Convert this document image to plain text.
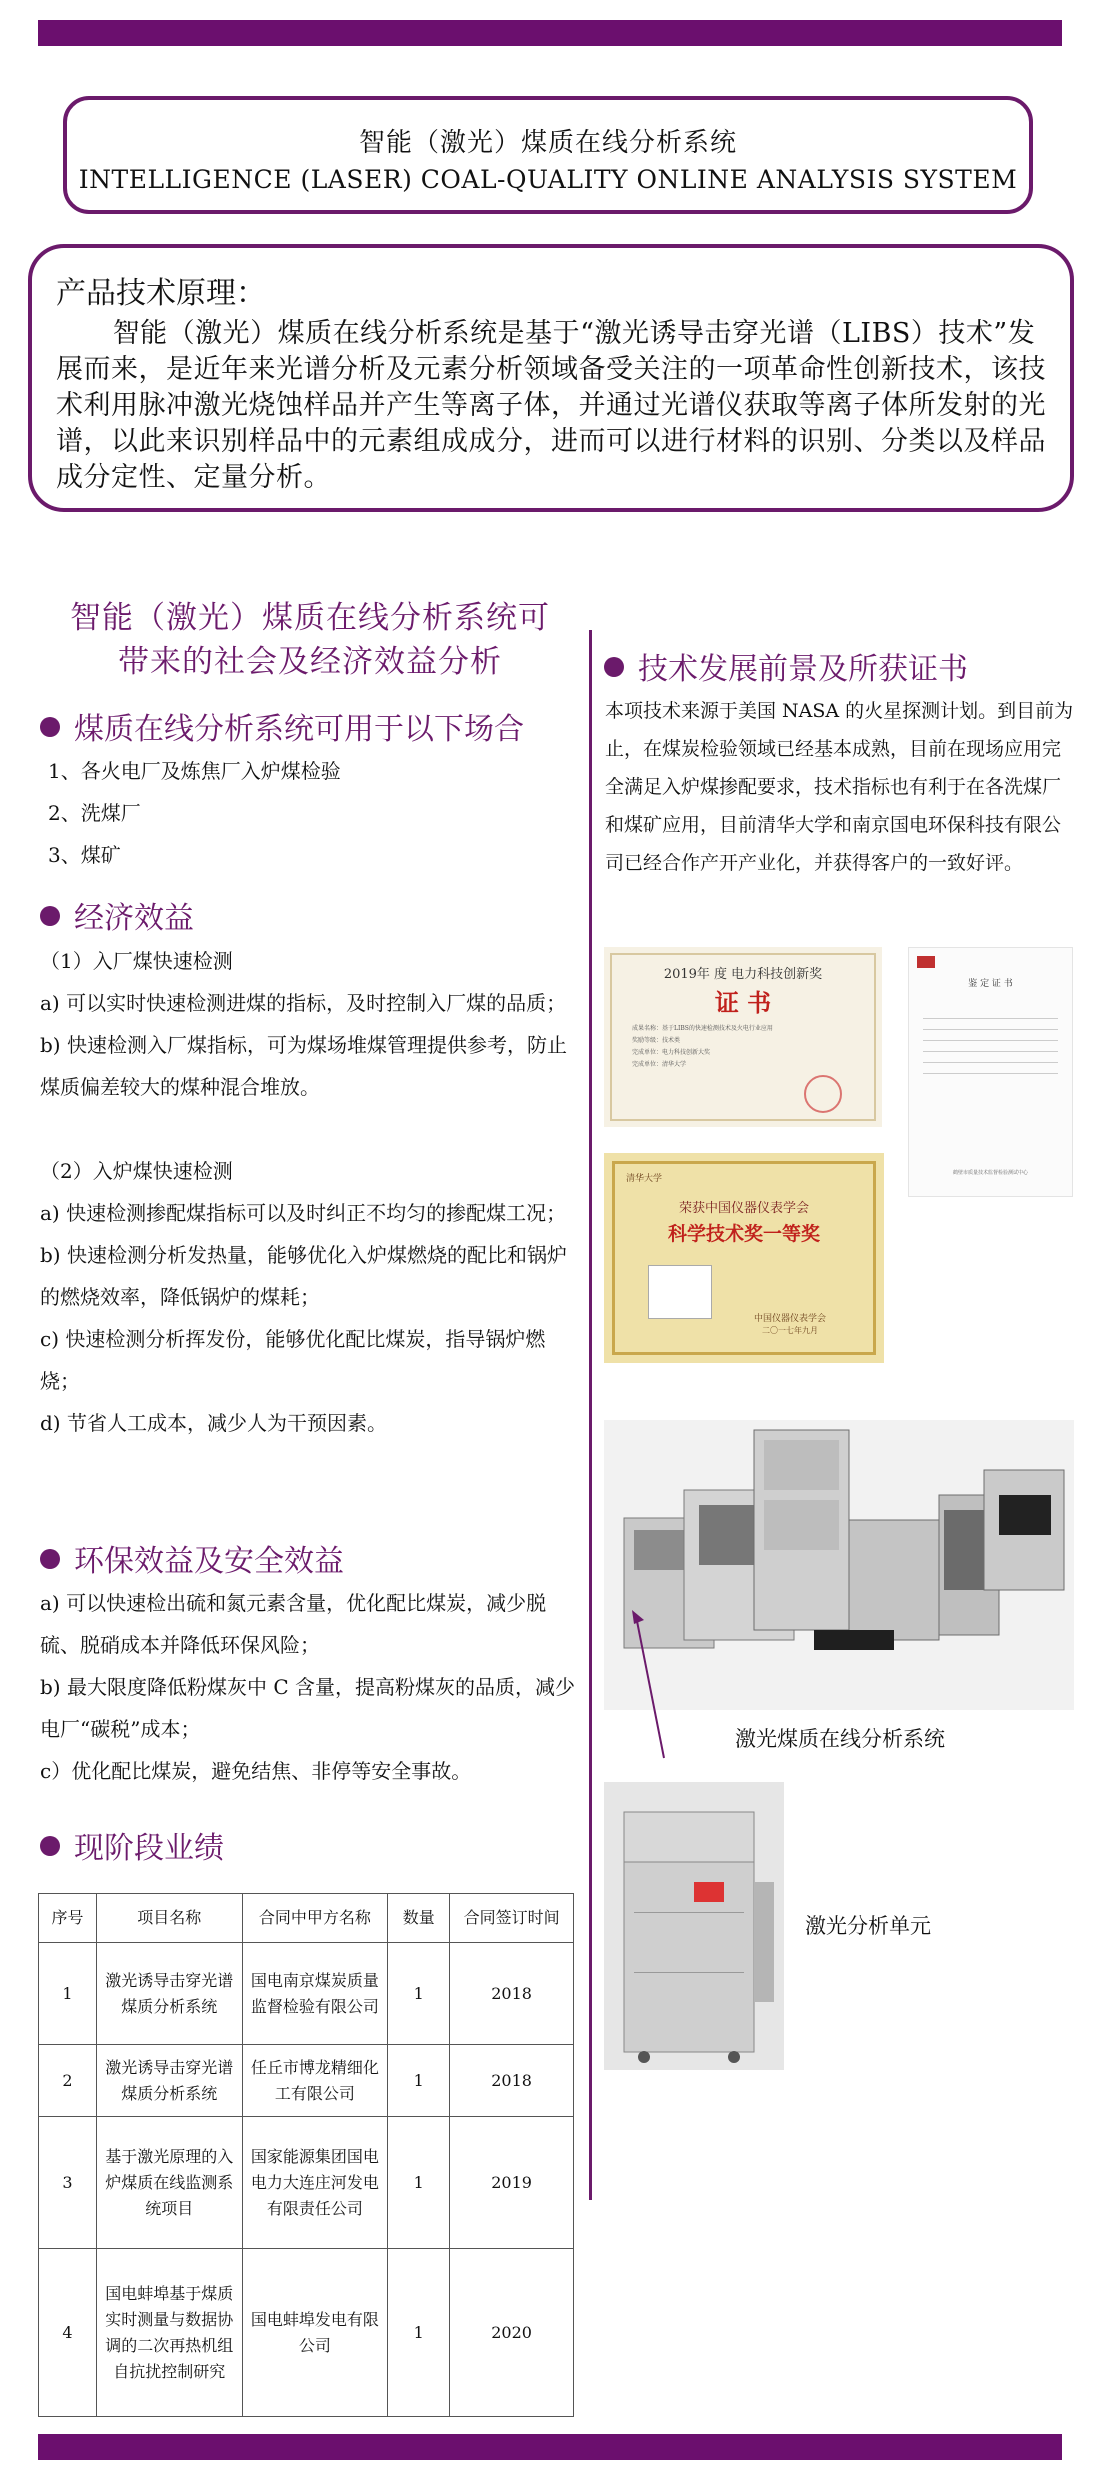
智能（激光）煤质在线分析系统
INTELLIGENCE (LASER) COAL-QUALITY ONLINE ANALYSIS SYSTEM
产品技术原理：

智能（激光）煤质在线分析系统是基于“激光诱导击穿光谱（LIBS）技术”发展而来，是近年来光谱分析及元素分析领域备受关注的一项革命性创新技术，该技术利用脉冲激光烧蚀样品并产生等离子体，并通过光谱仪获取等离子体所发射的光谱，以此来识别样品中的元素组成成分，进而可以进行材料的识别、分类以及样品成分定性、定量分析。

智能（激光）煤质在线分析系统可
带来的社会及经济效益分析
煤质在线分析系统可用于以下场合
1、各火电厂及炼焦厂入炉煤检验
2、洗煤厂
3、煤矿
经济效益
（1）入厂煤快速检测
a) 可以实时快速检测进煤的指标，及时控制入厂煤的品质；
b) 快速检测入厂煤指标，可为煤场堆煤管理提供参考，防止煤质偏差较大的煤种混合堆放。
（2）入炉煤快速检测
a) 快速检测掺配煤指标可以及时纠正不均匀的掺配煤工况；
b) 快速检测分析发热量，能够优化入炉煤燃烧的配比和锅炉的燃烧效率，降低锅炉的煤耗；
c) 快速检测分析挥发份，能够优化配比煤炭，指导锅炉燃烧；
d) 节省人工成本，减少人为干预因素。
环保效益及安全效益
a) 可以快速检出硫和氮元素含量，优化配比煤炭，减少脱硫、脱硝成本并降低环保风险；
b) 最大限度降低粉煤灰中 C 含量，提高粉煤灰的品质，减少电厂“碳税”成本；
c）优化配比煤炭，避免结焦、非停等安全事故。
现阶段业绩
序号	项目名称	合同中甲方名称	数量	合同签订时间
1	激光诱导击穿光谱煤质分析系统	国电南京煤炭质量监督检验有限公司	1	2018
2	激光诱导击穿光谱煤质分析系统	任丘市博龙精细化工有限公司	1	2018
3	基于激光原理的入炉煤质在线监测系统项目	国家能源集团国电电力大连庄河发电有限责任公司	1	2019
4	国电蚌埠基于煤质实时测量与数据协调的二次再热机组自抗扰控制研究	国电蚌埠发电有限公司	1	2020
技术发展前景及所获证书
本项技术来源于美国 NASA 的火星探测计划。到目前为止，在煤炭检验领域已经基本成熟，目前在现场应用完全满足入炉煤掺配要求，技术指标也有利于在各洗煤厂和煤矿应用，目前清华大学和南京国电环保科技有限公司已经合作产开产业化，并获得客户的一致好评。
2019年 度 电力科技创新奖
证 书
成果名称：基于LIBS的快速检测技术及火电行业应用
奖励等级：技术类
完成单位：电力科技创新大奖
完成单位：清华大学
鉴 定 证 书
鹤壁市质量技术监督检验测试中心
清华大学
荣获中国仪器仪表学会
科学技术奖一等奖
中国仪器仪表学会
二〇一七年九月
激光煤质在线分析系统
激光分析单元
